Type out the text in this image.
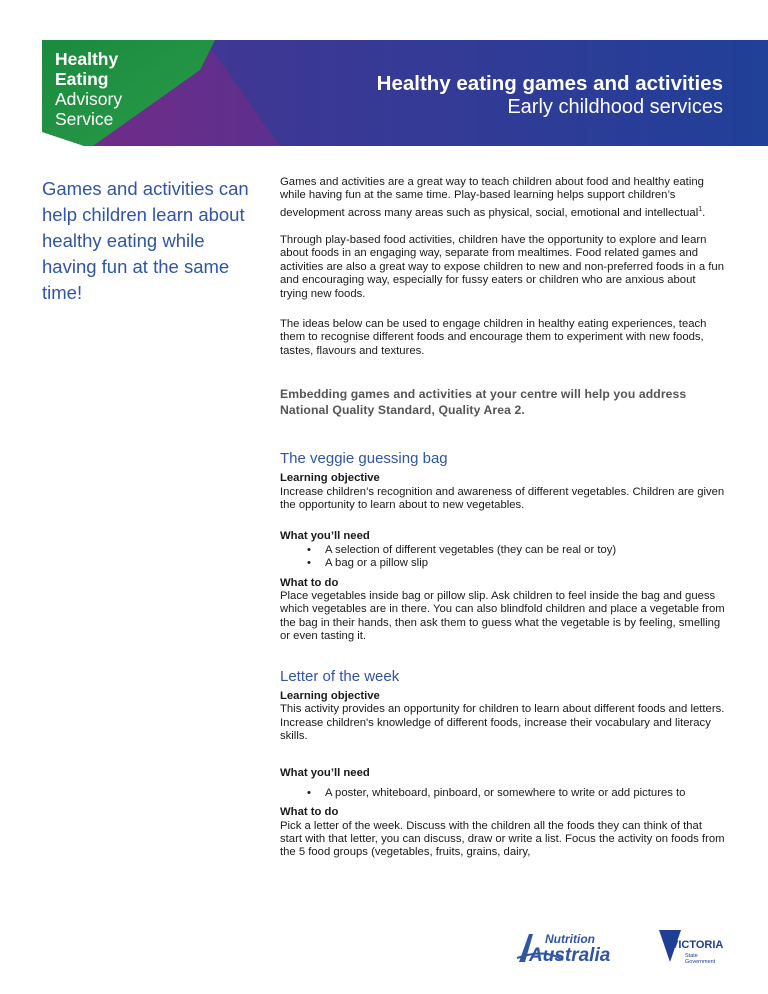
Healthy
Eating
Advisory
Service
Healthy eating games and activities
Early childhood services
Games and activities can help children learn about healthy eating while having fun at the same time!

Games and activities are a great way to teach children about food and healthy eating while having fun at the same time. Play-based learning helps support children’s development across many areas such as physical, social, emotional and intellectual$^1$.

Through play-based food activities, children have the opportunity to explore and learn about foods in an engaging way, separate from mealtimes. Food related games and activities are also a great way to expose children to new and non-preferred foods in a fun and encouraging way, especially for fussy eaters or children who are anxious about trying new foods.

The ideas below can be used to engage children in healthy eating experiences, teach them to recognise different foods and encourage them to experiment with new foods, tastes, flavours and textures.

Embedding games and activities at your centre will help you address National Quality Standard, Quality Area 2.

The veggie guessing bag
Learning objective

Increase children’s recognition and awareness of different vegetables. Children are given the opportunity to learn about to new vegetables.

What you’ll need
• A selection of different vegetables (they can be real or toy)
• A bag or a pillow slip
What to do

Place vegetables inside bag or pillow slip. Ask children to feel inside the bag and guess which vegetables are in there. You can also blindfold children and place a vegetable from the bag in their hands, then ask them to guess what the vegetable is by feeling, smelling or even tasting it.

Letter of the week
Learning objective

This activity provides an opportunity for children to learn about different foods and letters. Increase children's knowledge of different foods, increase their vocabulary and literacy skills.

What you’ll need
• A poster, whiteboard, pinboard, or somewhere to write or add pictures to
What to do

Pick a letter of the week. Discuss with the children all the foods they can think of that start with that letter, you can discuss, draw or write a list. Focus the activity on foods from the 5 food groups (vegetables, fruits, grains, dairy,

Nutrition
Australia	VICTORIA
State
Government
